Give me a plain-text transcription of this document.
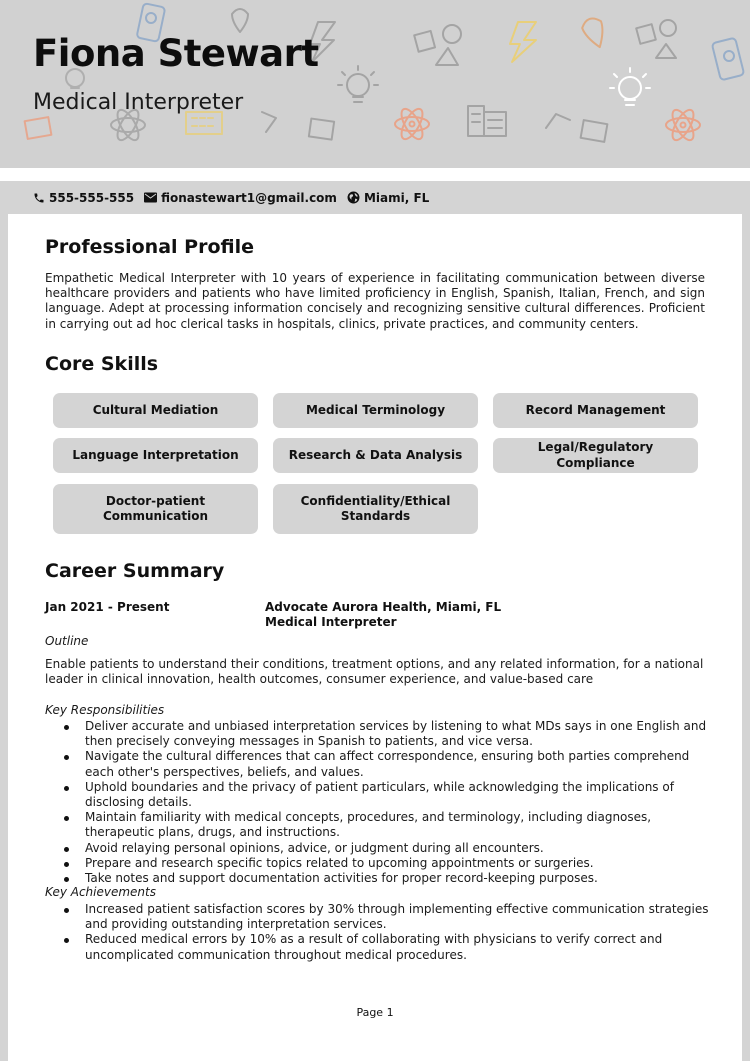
Fiona Stewart
Medical Interpreter
555-555-555 fionastewart1@gmail.com Miami, FL
Professional Profile
Empathetic Medical Interpreter with 10 years of experience in facilitating communication between diverse healthcare providers and patients who have limited proficiency in English, Spanish, Italian, French, and sign language. Adept at processing information concisely and recognizing sensitive cultural differences. Proficient in carrying out ad hoc clerical tasks in hospitals, clinics, private practices, and community centers.
Core Skills
Cultural Mediation	Medical Terminology	Record Management
Language Interpretation	Research & Data Analysis
Legal/Regulatory Compliance
Doctor-patient Communication
Confidentiality/Ethical Standards
Career Summary
Jan 2021 - Present	Advocate Aurora Health, Miami, FL
Medical Interpreter
Outline
Enable patients to understand their conditions, treatment options, and any related information, for a national leader in clinical innovation, health outcomes, consumer experience, and value-based care
Key Responsibilities
Deliver accurate and unbiased interpretation services by listening to what MDs says in one English and then precisely conveying messages in Spanish to patients, and vice versa.
Navigate the cultural differences that can affect correspondence, ensuring both parties comprehend each other's perspectives, beliefs, and values.
Uphold boundaries and the privacy of patient particulars, while acknowledging the implications of disclosing details.
Maintain familiarity with medical concepts, procedures, and terminology, including diagnoses, therapeutic plans, drugs, and instructions.
Avoid relaying personal opinions, advice, or judgment during all encounters.
Prepare and research specific topics related to upcoming appointments or surgeries.
Take notes and support documentation activities for proper record-keeping purposes.
Key Achievements
Increased patient satisfaction scores by 30% through implementing effective communication strategies and providing outstanding interpretation services.
Reduced medical errors by 10% as a result of collaborating with physicians to verify correct and uncomplicated communication throughout medical procedures.
Page 1
